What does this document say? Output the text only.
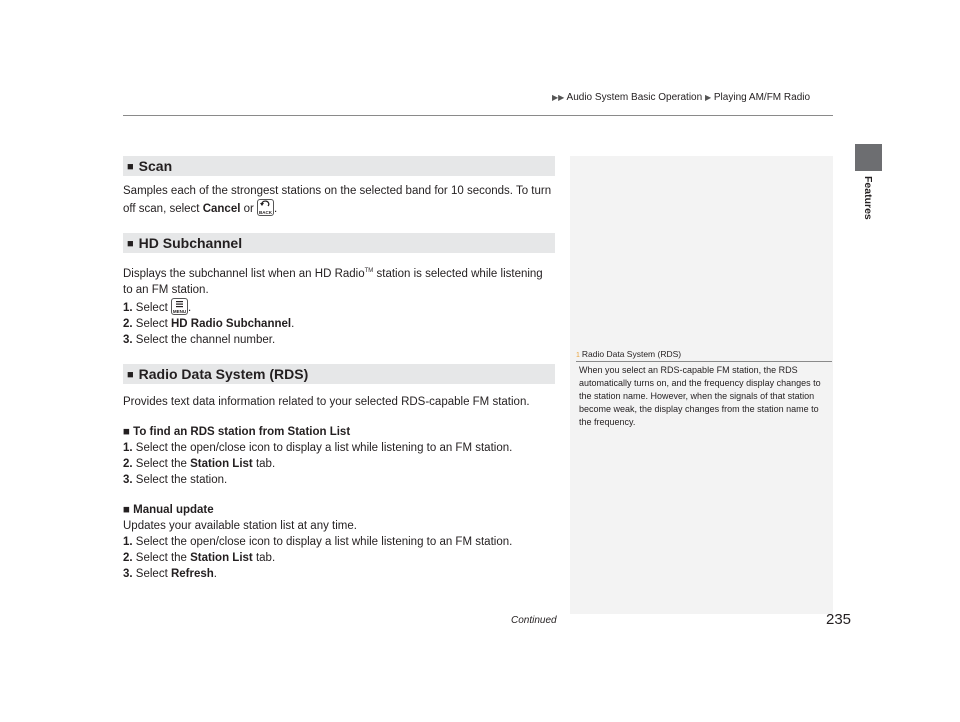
▶▶ Audio System Basic Operation ▶ Playing AM/FM Radio
Features
■ Scan

Samples each of the strongest stations on the selected band for 10 seconds. To turn off scan, select Cancel or BACK .

■ HD Subchannel

Displays the subchannel list when an HD Radio™ station is selected while listening to an FM station.

1. Select MENU .

2. Select HD Radio Subchannel.

3. Select the channel number.

■ Radio Data System (RDS)

Provides text data information related to your selected RDS-capable FM station.

■ To find an RDS station from Station List

1. Select the open/close icon to display a list while listening to an FM station.

2. Select the Station List tab.

3. Select the station.

■ Manual update

Updates your available station list at any time.

1. Select the open/close icon to display a list while listening to an FM station.

2. Select the Station List tab.

3. Select Refresh.

1 Radio Data System (RDS)
When you select an RDS-capable FM station, the RDS automatically turns on, and the frequency display changes to the station name. However, when the signals of that station become weak, the display changes from the station name to the frequency.
Continued	235
